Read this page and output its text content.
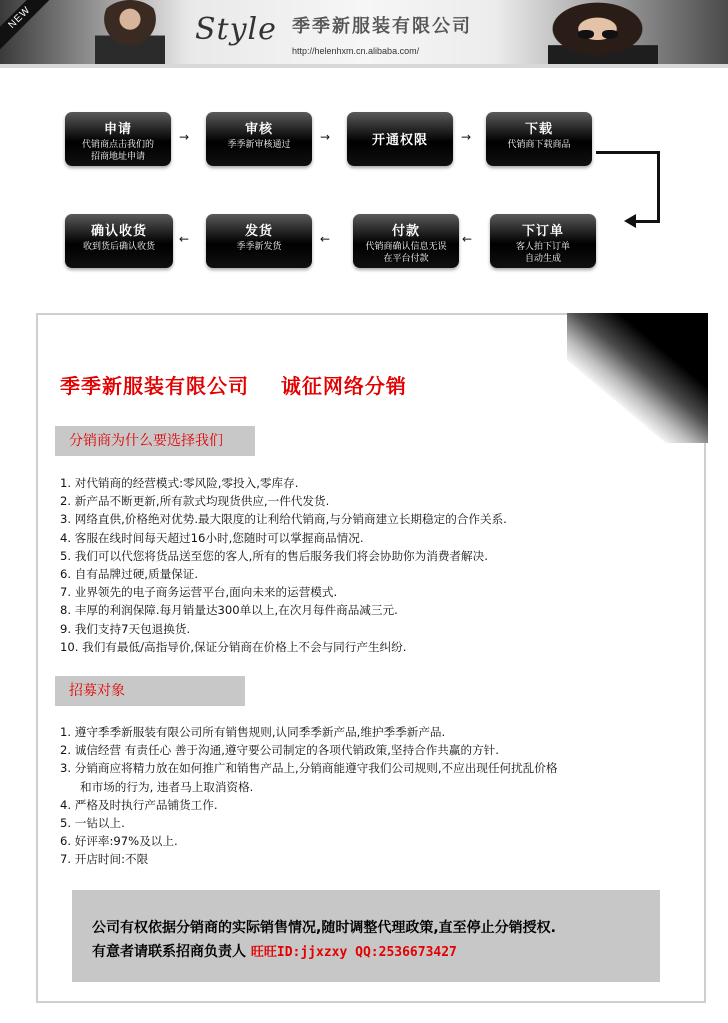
NEW	Style 季季新服装有限公司
http://helenhxm.cn.alibaba.com/
申请
代销商点击我们的
招商地址申请
→	审核
季季新审核通过
→	开通权限	→	下载
代销商下载商品
下订单
客人拍下订单
自动生成
←
付款
代销商确认信息无误
在平台付款
←
发货
季季新发货
←
确认收货
收到货后确认收货
季季新服装有限公司    诚征网络分销
分销商为什么要选择我们
1. 对代销商的经营模式:零风险,零投入,零库存.
2. 新产品不断更新,所有款式均现货供应,一件代发货.
3. 网络直供,价格绝对优势.最大限度的让利给代销商,与分销商建立长期稳定的合作关系.
4. 客服在线时间每天超过16小时,您随时可以掌握商品情况.
5. 我们可以代您将货品送至您的客人,所有的售后服务我们将会协助你为消费者解决.
6. 自有品牌过硬,质量保证.
7. 业界领先的电子商务运营平台,面向未来的运营模式.
8. 丰厚的利润保障.每月销量达300单以上,在次月每件商品减三元.
9. 我们支持7天包退换货.
10. 我们有最低/高指导价,保证分销商在价格上不会与同行产生纠纷.
招募对象
1. 遵守季季新服装有限公司所有销售规则,认同季季新产品,维护季季新产品.
2. 诚信经营 有责任心 善于沟通,遵守要公司制定的各项代销政策,坚持合作共赢的方针.
3. 分销商应将精力放在如何推广和销售产品上,分销商能遵守我们公司规则,不应出现任何扰乱价格
和市场的行为, 违者马上取消资格.
4. 严格及时执行产品铺货工作.
5. 一钻以上.
6. 好评率:97%及以上.
7. 开店时间:不限
公司有权依据分销商的实际销售情况,随时调整代理政策,直至停止分销授权.
有意者请联系招商负责人 旺旺ID:jjxzxy QQ:2536673427
